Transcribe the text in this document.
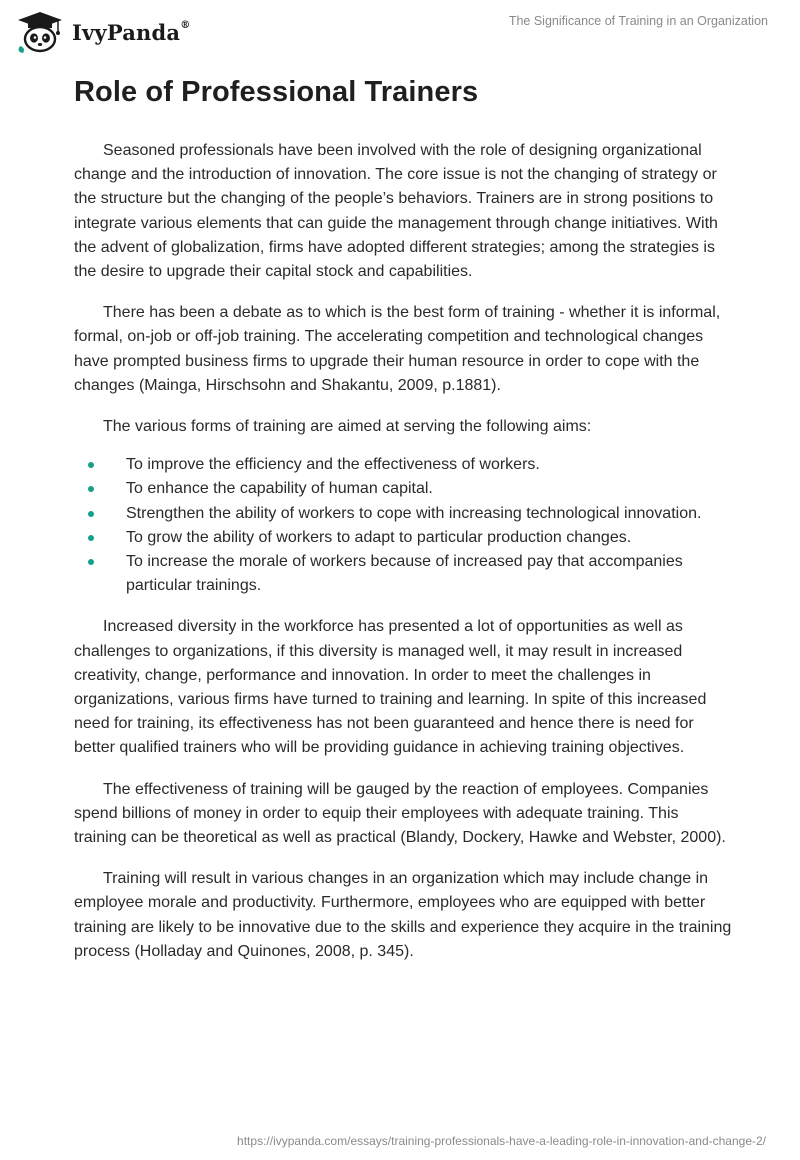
IvyPanda®	The Significance of Training in an Organization
Role of Professional Trainers

Seasoned professionals have been involved with the role of designing organizational change and the introduction of innovation. The core issue is not the changing of strategy or the structure but the changing of the people’s behaviors. Trainers are in strong positions to integrate various elements that can guide the management through change initiatives. With the advent of globalization, firms have adopted different strategies; among the strategies is the desire to upgrade their capital stock and capabilities.

There has been a debate as to which is the best form of training - whether it is informal, formal, on-job or off-job training. The accelerating competition and technological changes have prompted business firms to upgrade their human resource in order to cope with the changes (Mainga, Hirschsohn and Shakantu, 2009, p.1881).

The various forms of training are aimed at serving the following aims:

To improve the efficiency and the effectiveness of workers.
To enhance the capability of human capital.
Strengthen the ability of workers to cope with increasing technological innovation.
To grow the ability of workers to adapt to particular production changes.
To increase the morale of workers because of increased pay that accompanies particular trainings.

Increased diversity in the workforce has presented a lot of opportunities as well as challenges to organizations, if this diversity is managed well, it may result in increased creativity, change, performance and innovation. In order to meet the challenges in organizations, various firms have turned to training and learning. In spite of this increased need for training, its effectiveness has not been guaranteed and hence there is need for better qualified trainers who will be providing guidance in achieving training objectives.

The effectiveness of training will be gauged by the reaction of employees. Companies spend billions of money in order to equip their employees with adequate training. This training can be theoretical as well as practical (Blandy, Dockery, Hawke and Webster, 2000).

Training will result in various changes in an organization which may include change in employee morale and productivity. Furthermore, employees who are equipped with better training are likely to be innovative due to the skills and experience they acquire in the training process (Holladay and Quinones, 2008, p. 345).

https://ivypanda.com/essays/training-professionals-have-a-leading-role-in-innovation-and-change-2/
